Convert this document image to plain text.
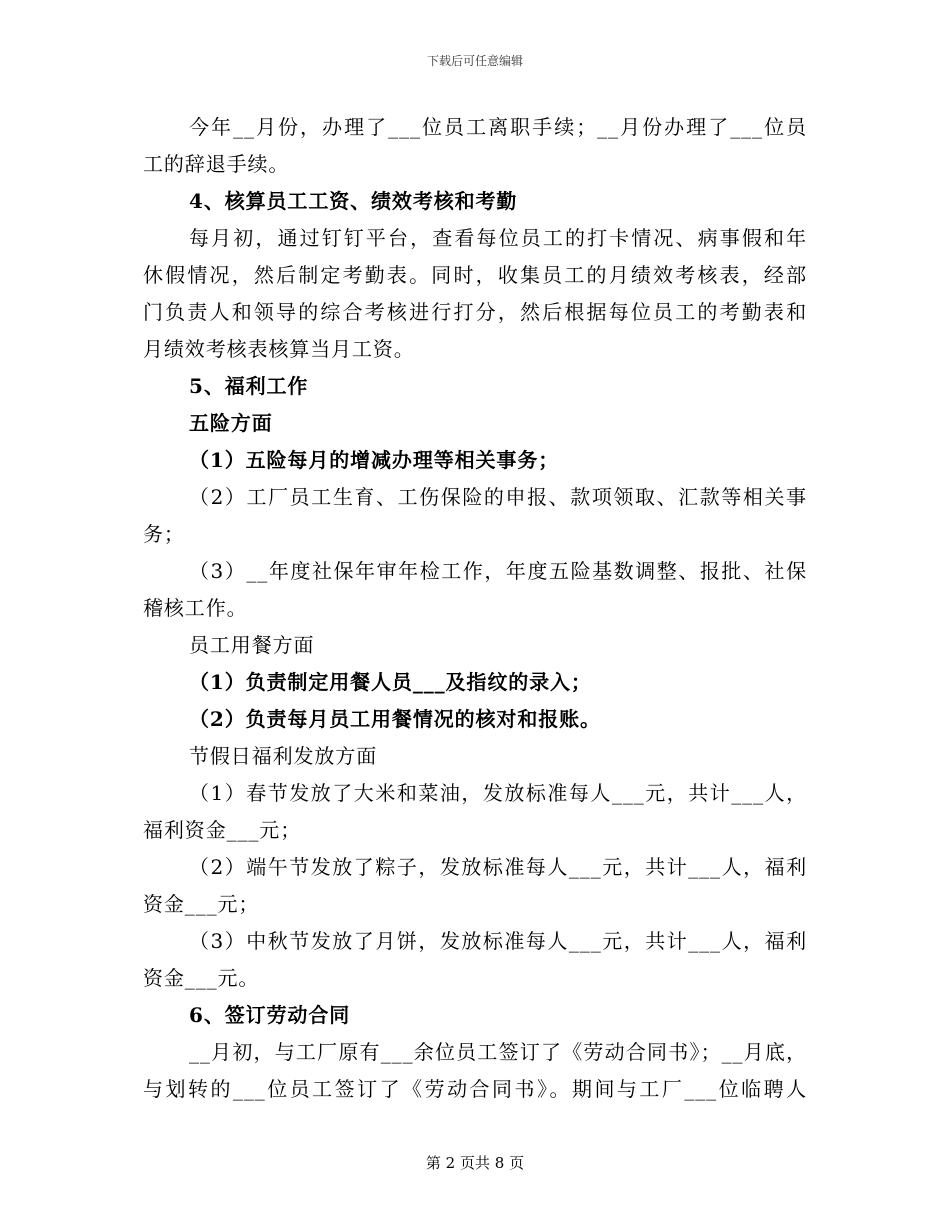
下载后可任意编辑
今年__月份，办理了___位员工离职手续；__月份办理了___位员
工的辞退手续。
4、核算员工工资、绩效考核和考勤
每月初，通过钉钉平台，查看每位员工的打卡情况、病事假和年
休假情况，然后制定考勤表。同时，收集员工的月绩效考核表，经部
门负责人和领导的综合考核进行打分，然后根据每位员工的考勤表和
月绩效考核表核算当月工资。
5、福利工作
五险方面
（1）五险每月的增减办理等相关事务；
（2）工厂员工生育、工伤保险的申报、款项领取、汇款等相关事
务；
（3）__年度社保年审年检工作，年度五险基数调整、报批、社保
稽核工作。
员工用餐方面
（1）负责制定用餐人员___及指纹的录入；
（2）负责每月员工用餐情况的核对和报账。
节假日福利发放方面
（1）春节发放了大米和菜油，发放标准每人___元，共计___人，
福利资金___元；
（2）端午节发放了粽子，发放标准每人___元，共计___人，福利
资金___元；
（3）中秋节发放了月饼，发放标准每人___元，共计___人，福利
资金___元。
6、签订劳动合同
__月初，与工厂原有___余位员工签订了《劳动合同书》；__月底，
与划转的___位员工签订了《劳动合同书》。期间与工厂___位临聘人
第 2 页共 8 页
